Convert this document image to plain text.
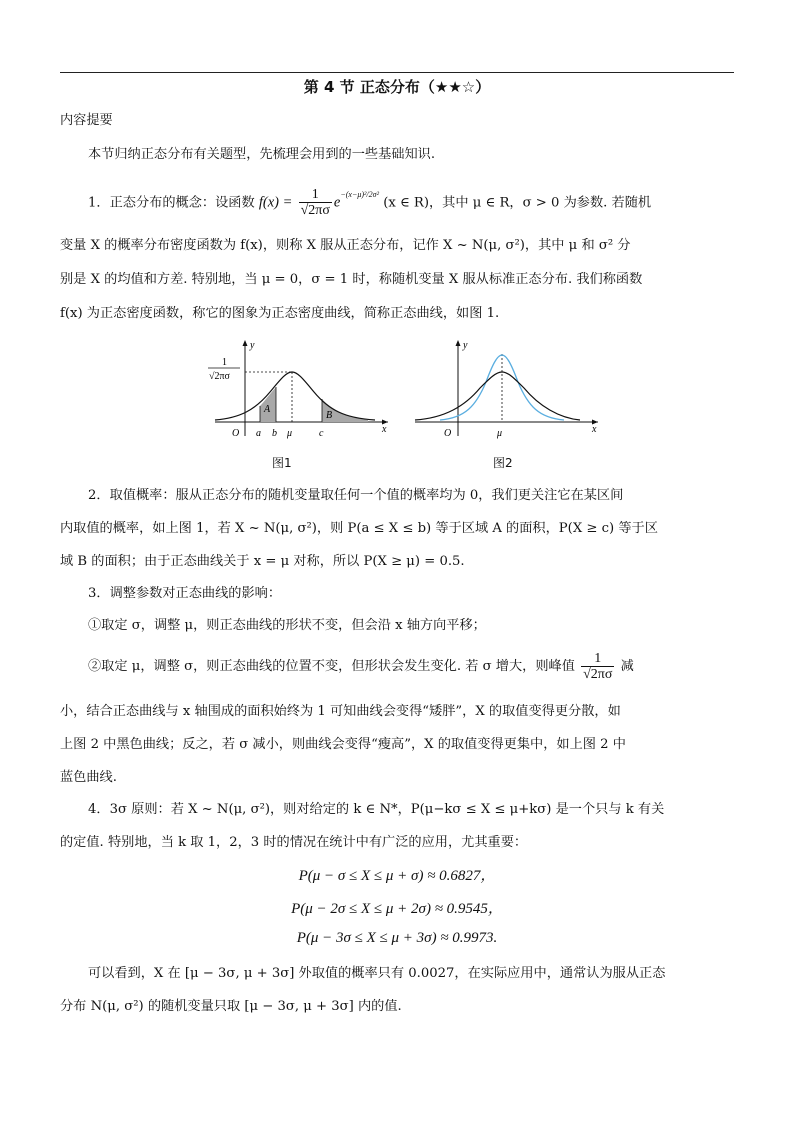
第 4 节 正态分布（★★☆）
内容提要
本节归纳正态分布有关题型，先梳理会用到的一些基础知识.
1．正态分布的概念：设函数 $f(x) = \frac{1}{√2\pi\sigma} e^{-(x-\mu)^2/2\sigma^2}$ (x ∈ R)，其中 μ ∈ R，σ > 0 为参数. 若随机
变量 X 的概率分布密度函数为 f(x)，则称 X 服从正态分布，记作 X ~ N(μ, σ²)，其中 μ 和 σ² 分
别是 X 的均值和方差. 特别地，当 μ = 0，σ = 1 时，称随机变量 X 服从标准正态分布. 我们称函数
f(x) 为正态密度函数，称它的图象为正态密度曲线，简称正态曲线，如图 1.
y
x
O
1
√2πσ
a b μ	c
A
B
图1
y
x
O	μ
图2
2．取值概率：服从正态分布的随机变量取任何一个值的概率均为 0，我们更关注它在某区间
内取值的概率，如上图 1，若 X ~ N(μ, σ²)，则 P(a ≤ X ≤ b) 等于区域 A 的面积，P(X ≥ c) 等于区
域 B 的面积；由于正态曲线关于 x = μ 对称，所以 P(X ≥ μ) = 0.5.
3．调整参数对正态曲线的影响：
①取定 σ，调整 μ，则正态曲线的形状不变，但会沿 x 轴方向平移；
②取定 μ，调整 σ，则正态曲线的位置不变，但形状会发生变化. 若 σ 增大，则峰值 $\frac{1}{√2\pi\sigma}$ 减
小，结合正态曲线与 x 轴围成的面积始终为 1 可知曲线会变得“矮胖”，X 的取值变得更分散，如
上图 2 中黑色曲线；反之，若 σ 减小，则曲线会变得“瘦高”，X 的取值变得更集中，如上图 2 中
蓝色曲线.
4．3σ 原则：若 X ~ N(μ, σ²)，则对给定的 k ∈ N*，P(μ−kσ ≤ X ≤ μ+kσ) 是一个只与 k 有关
的定值. 特别地，当 k 取 1，2，3 时的情况在统计中有广泛的应用，尤其重要：
P(μ − σ ≤ X ≤ μ + σ) ≈ 0.6827，
P(μ − 2σ ≤ X ≤ μ + 2σ) ≈ 0.9545，
P(μ − 3σ ≤ X ≤ μ + 3σ) ≈ 0.9973.
可以看到，X 在 [μ − 3σ, μ + 3σ] 外取值的概率只有 0.0027，在实际应用中，通常认为服从正态
分布 N(μ, σ²) 的随机变量只取 [μ − 3σ, μ + 3σ] 内的值.
